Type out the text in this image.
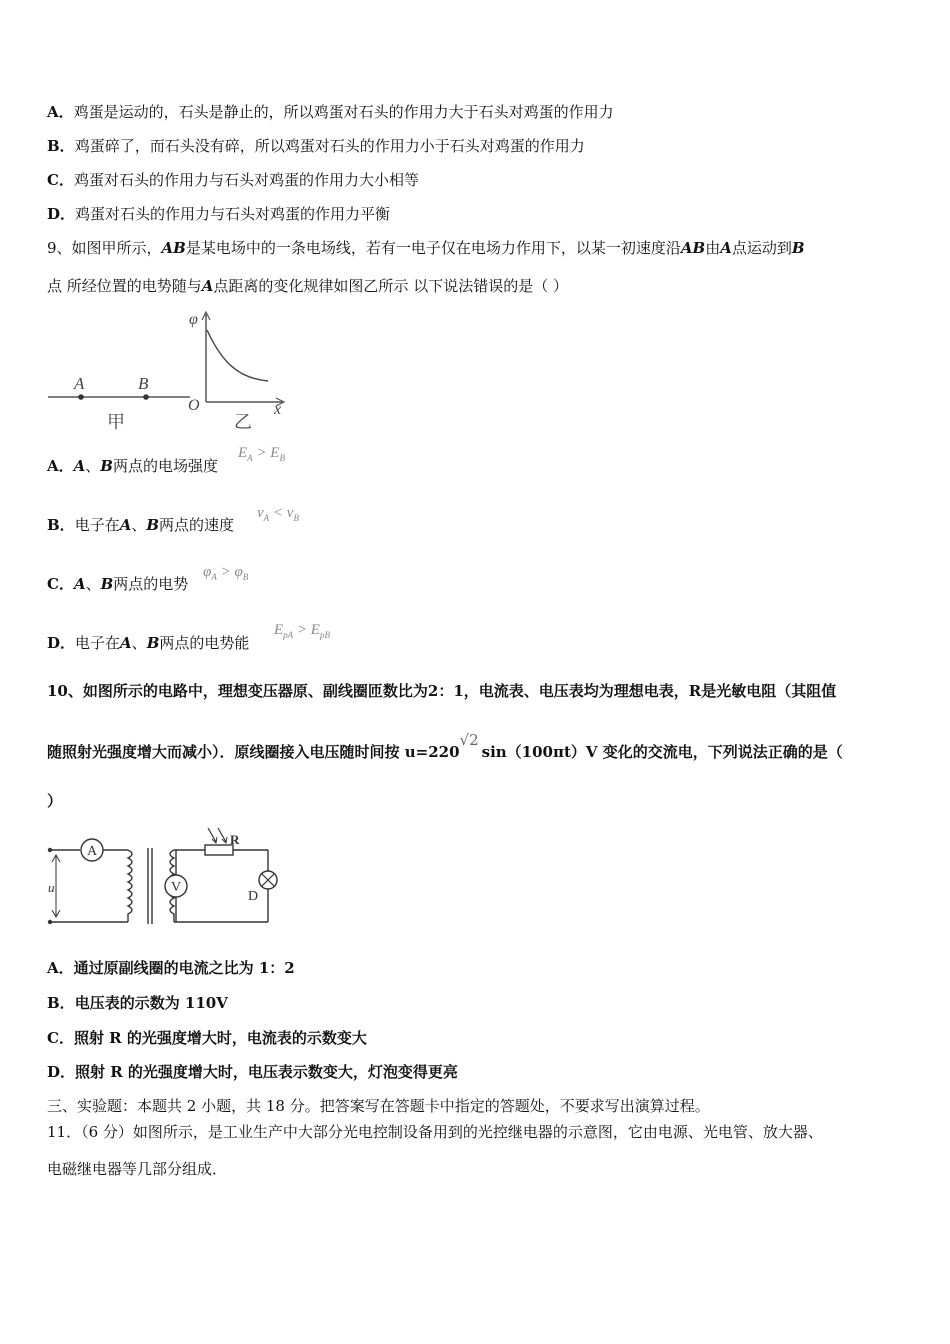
A．鸡蛋是运动的，石头是静止的，所以鸡蛋对石头的作用力大于石头对鸡蛋的作用力
B．鸡蛋碎了，而石头没有碎，所以鸡蛋对石头的作用力小于石头对鸡蛋的作用力
C．鸡蛋对石头的作用力与石头对鸡蛋的作用力大小相等
D．鸡蛋对石头的作用力与石头对鸡蛋的作用力平衡
9、如图甲所示，AB是某电场中的一条电场线，若有一电子仅在电场力作用下，以某一初速度沿AB由A点运动到B
点 所经位置的电势随与A点距离的变化规律如图乙所示 以下说法错误的是（ ）
A	B
甲
φ
O	x
乙
A．A、B两点的电场强度
$E_A > E_B$
B．电子在A、B两点的速度
$v_A < v_B$
C．A、B两点的电势
$\varphi_A > \varphi_B$
D．电子在A、B两点的电势能
$E_{pA} > E_{pB}$
10、如图所示的电路中，理想变压器原、副线圈匝数比为2：1，电流表、电压表均为理想电表，R是光敏电阻（其阻值
随照射光强度增大而减小）．原线圈接入电压随时间按 u=220√2 sin（100πt）V 变化的交流电，下列说法正确的是（
）
A
u	V
R
D
A．通过原副线圈的电流之比为 1：2
B．电压表的示数为 110V
C．照射 R 的光强度增大时，电流表的示数变大
D．照射 R 的光强度增大时，电压表示数变大，灯泡变得更亮
三、实验题：本题共 2 小题，共 18 分。把答案写在答题卡中指定的答题处，不要求写出演算过程。
11．（6 分）如图所示，是工业生产中大部分光电控制设备用到的光控继电器的示意图，它由电源、光电管、放大器、
电磁继电器等几部分组成．
